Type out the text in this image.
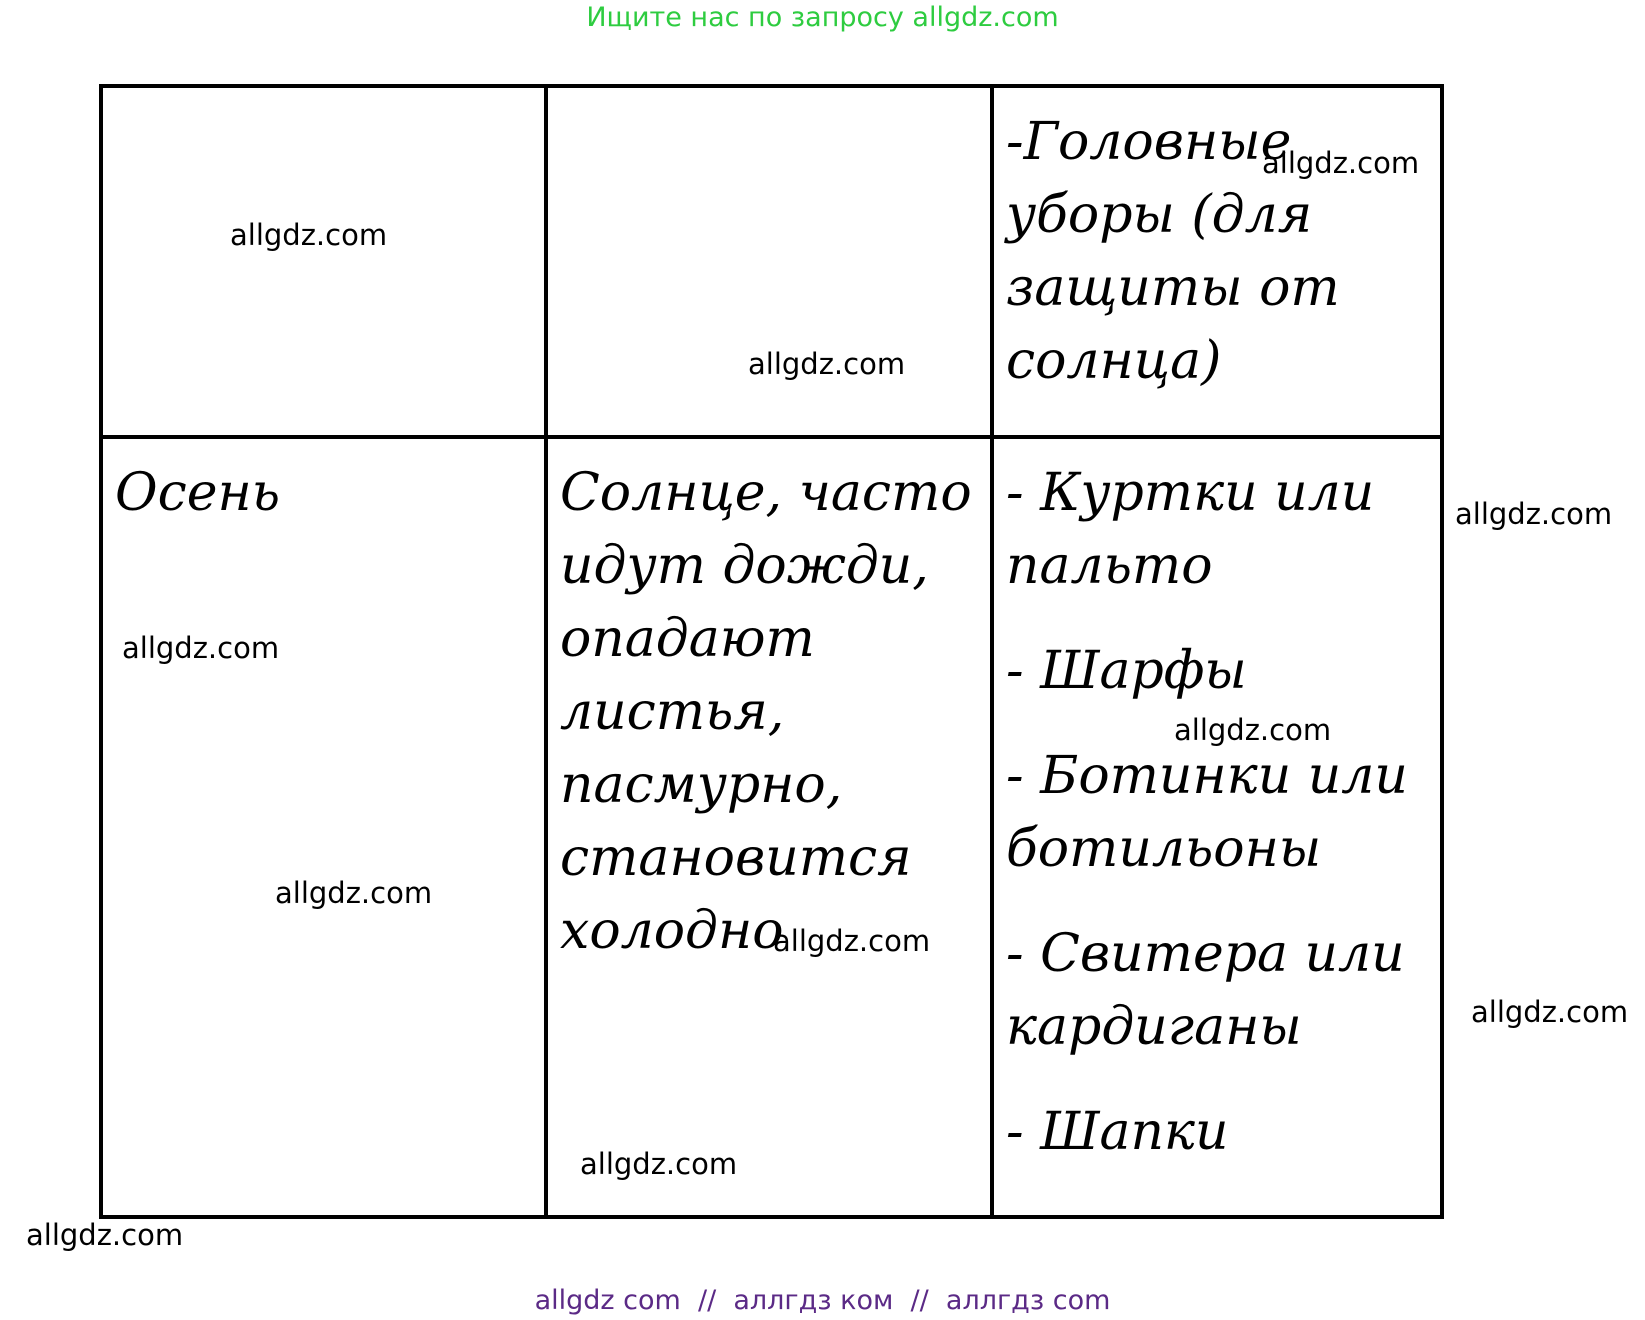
Ищите нас по запросу allgdz.com

		-Головные уборы (для защиты от солнца)

Осень	Солнце, часто идут дожди, опадают листья, пасмурно, становится холодно	- Куртки или пальто
- Шарфы
- Ботинки или ботильоны
- Свитера или кардиганы
- Шапки
allgdz.com
allgdz.com
allgdz.com
allgdz.com
allgdz.com
allgdz.com
allgdz.com
allgdz.com
allgdz.com
allgdz.com
allgdz.com
allgdz com  //  аллгдз ком  //  аллгдз com
